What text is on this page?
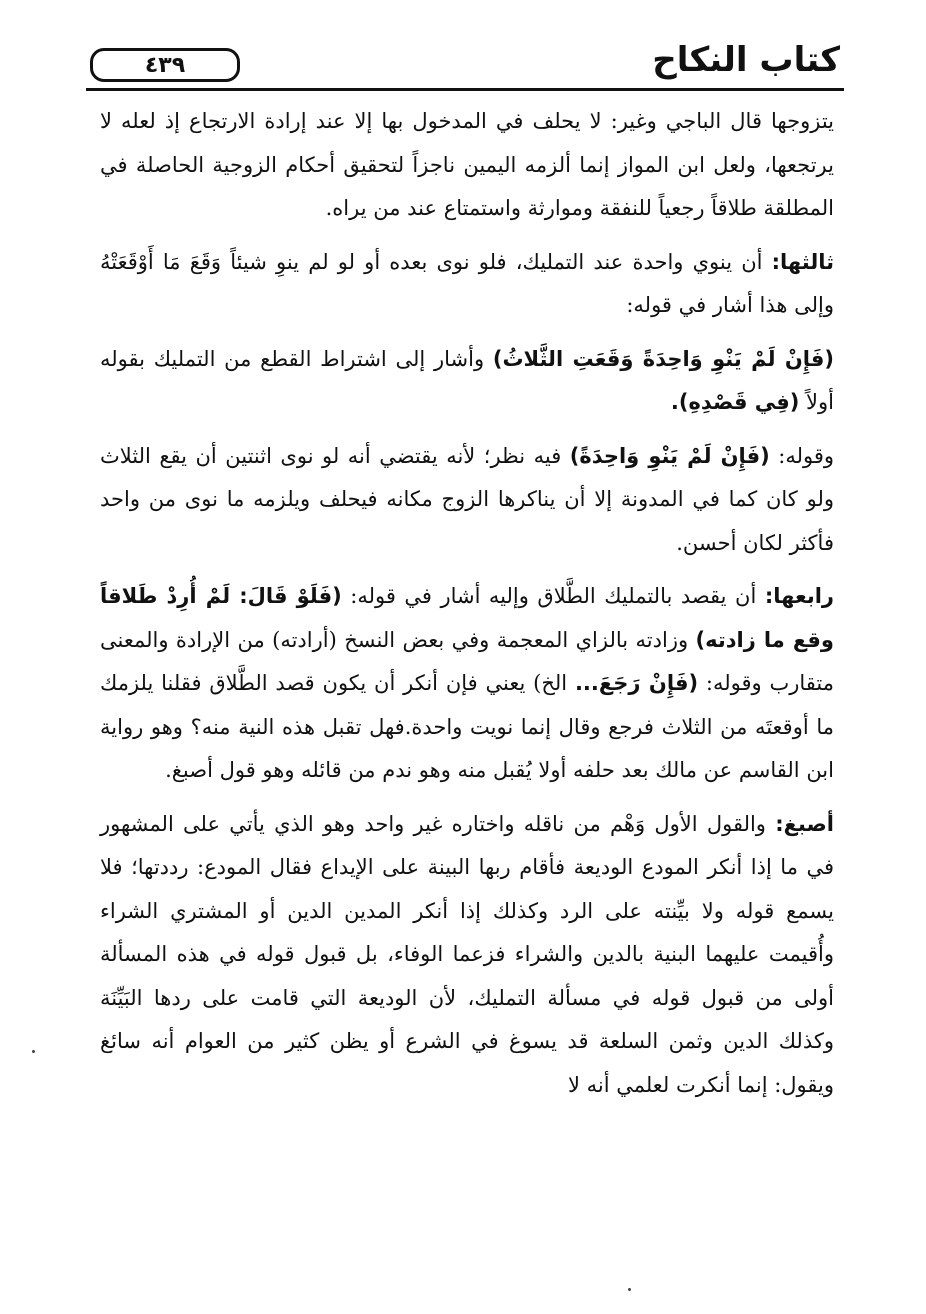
٤٣٩	كتاب النكاح

يتزوجها قال الباجي وغير: لا يحلف في المدخول بها إلا عند إرادة الارتجاع إذ لعله لا يرتجعها، ولعل ابن المواز إنما ألزمه اليمين ناجزاً لتحقيق أحكام الزوجية الحاصلة في المطلقة طلاقاً رجعياً للنفقة وموارثة واستمتاع عند من يراه.

ثالثها: أن ينوي واحدة عند التمليك، فلو نوى بعده أو لو لم ينوِ شيئاً وَقَعَ مَا أَوْقَعَتْهُ وإلى هذا أشار في قوله:

(فَإِنْ لَمْ يَنْوِ وَاحِدَةً وَقَعَتِ الثَّلاثُ) وأشار إلى اشتراط القطع من التمليك بقوله أولاً (فِي قَصْدِهِ).

وقوله: (فَإِنْ لَمْ يَنْوِ وَاحِدَةً) فيه نظر؛ لأنه يقتضي أنه لو نوى اثنتين أن يقع الثلاث ولو كان كما في المدونة إلا أن يناكرها الزوج مكانه فيحلف ويلزمه ما نوى من واحد فأكثر لكان أحسن.

رابعها: أن يقصد بالتمليك الطَّلاق وإليه أشار في قوله: (فَلَوْ قَالَ: لَمْ أُرِدْ طَلاقاً وقع ما زادته) وزادته بالزاي المعجمة وفي بعض النسخ (أرادته) من الإرادة والمعنى متقارب وقوله: (فَإِنْ رَجَعَ... الخ) يعني فإن أنكر أن يكون قصد الطَّلاق فقلنا يلزمك ما أوقعتَه من الثلاث فرجع وقال إنما نويت واحدة.فهل تقبل هذه النية منه؟ وهو رواية ابن القاسم عن مالك بعد حلفه أولا يُقبل منه وهو ندم من قائله وهو قول أصبغ.

أصبغ: والقول الأول وَهْم من ناقله واختاره غير واحد وهو الذي يأتي على المشهور في ما إذا أنكر المودع الوديعة فأقام ربها البينة على الإيداع فقال المودع: رددتها؛ فلا يسمع قوله ولا بيِّنته على الرد وكذلك إذا أنكر المدين الدين أو المشتري الشراء وأُقيمت عليهما البنية بالدين والشراء فزعما الوفاء، بل قبول قوله في هذه المسألة أولى من قبول قوله في مسألة التمليك، لأن الوديعة التي قامت على ردها البَيِّنَة وكذلك الدين وثمن السلعة قد يسوغ في الشرع أو يظن كثير من العوام أنه سائغ ويقول: إنما أنكرت لعلمي أنه لا
